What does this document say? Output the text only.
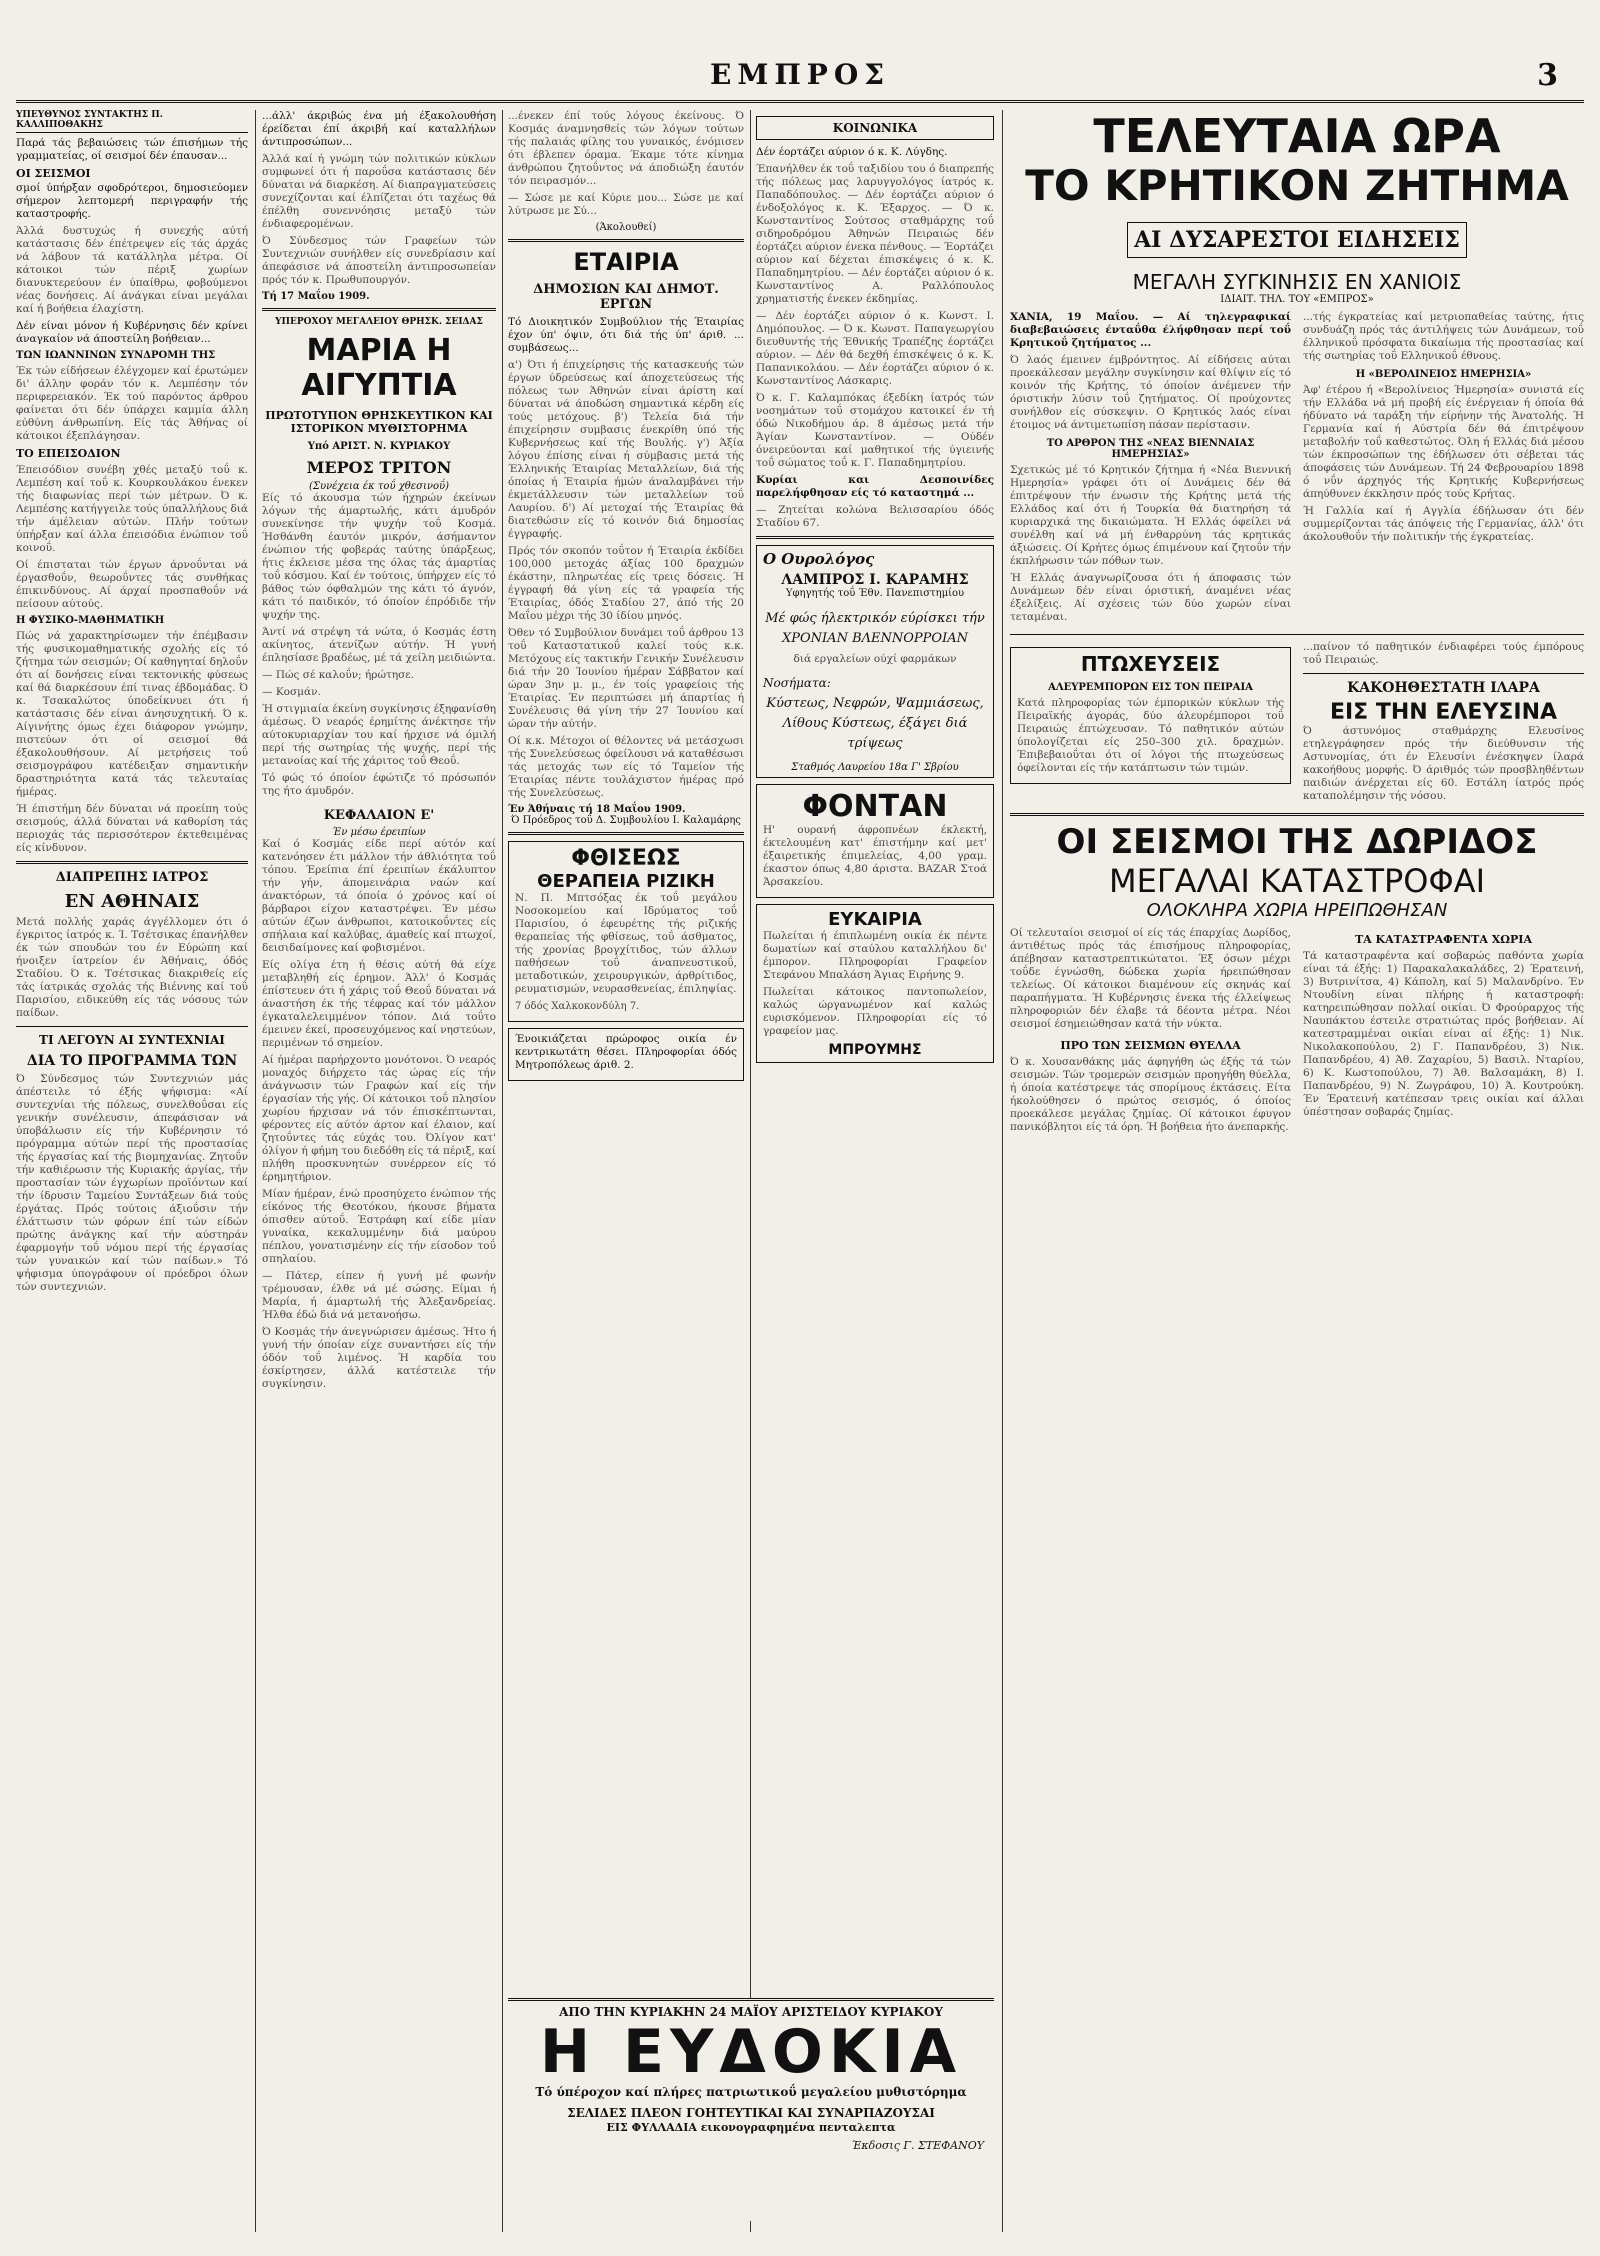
ΕΜΠΡΟΣ	3
ΥΠΕΥΘΥΝΟΣ ΣΥΝΤΑΚΤΗΣ Π. ΚΑΛΛΙΠΟΘΑΚΗΣ

Παρά τάς βεβαιώσεις τών έπισήμων τής γραμματείας, οί σεισμοί δέν έπαυσαν...

ΟΙ ΣΕΙΣΜΟΙ

σμοί ύπήρξαν σφοδρότεροι, δημοσιεύομεν σήμερον λεπτομερή περιγραφήν τής καταστροφής.

Άλλά δυστυχώς ή συνεχής αύτή κατάστασις δέν έπέτρεψεν είς τάς άρχάς νά λάβουν τά κατάλληλα μέτρα. Οί κάτοικοι τών πέριξ χωρίων διανυκτερεύουν έν ύπαίθρω, φοβούμενοι νέας δονήσεις. Αί άνάγκαι είναι μεγάλαι καί ή βοήθεια έλαχίστη.

Δέν είναι μόνον ή Κυβέρνησις δέν κρίνει άναγκαίον νά άποστείλη βοήθειαν...

ΤΩΝ ΙΩΑΝΝΙΝΩΝ ΣΥΝΔΡΟΜΗ ΤΗΣ

Έκ τών είδήσεων έλέγχομεν καί έρωτώμεν δι' άλλην φοράν τόν κ. Λεμπέσην τόν περιφερειακόν. Έκ τού παρόντος άρθρου φαίνεται ότι δέν ύπάρχει καμμία άλλη εύθύνη άνθρωπίνη. Είς τάς Άθήνας οί κάτοικοι έξεπλάγησαν.

ΤΟ ΕΠΕΙΣΟΔΙΟΝ

Έπεισόδιον συνέβη χθές μεταξύ τοΰ κ. Λεμπέση καί τοΰ κ. Κουρκουλάκου ένεκεν τής διαφωνίας περί τών μέτρων. Ό κ. Λεμπέσης κατήγγειλε τούς ύπαλλήλους διά τήν άμέλειαν αύτών. Πλήν τούτων ύπήρξαν καί άλλα έπεισόδια ένώπιον τοΰ κοινοΰ.

Οί έπισταται τών έργων άρνοΰνται νά έργασθοΰν, θεωροΰντες τάς συνθήκας έπικινδύνους. Αί άρχαί προσπαθοΰν νά πείσουν αύτούς.

Η ΦΥΣΙΚΟ-ΜΑΘΗΜΑΤΙΚΗ

Πώς νά χαρακτηρίσωμεν τήν έπέμβασιν τής φυσικομαθηματικής σχολής είς τό ζήτημα τών σεισμών; Οί καθηγηταί δηλοΰν ότι αί δονήσεις είναι τεκτονικής φύσεως καί θά διαρκέσουν έπί τινας έβδομάδας. Ό κ. Τσακαλώτος ύποδείκνυει ότι ή κατάστασις δέν είναι άνησυχητική. Ό κ. Αίγινήτης όμως έχει διάφορον γνώμην, πιστεύων ότι οί σεισμοί θά έξακολουθήσουν. Αί μετρήσεις τοΰ σεισμογράφου κατέδειξαν σημαντικήν δραστηριότητα κατά τάς τελευταίας ήμέρας.

Ή έπιστήμη δέν δύναται νά προείπη τούς σεισμούς, άλλά δύναται νά καθορίση τάς περιοχάς τάς περισσότερον έκτεθειμένας είς κίνδυνον.

ΔΙΑΠΡΕΠΗΣ ΙΑΤΡΟΣ
ΕΝ ΑΘΗΝΑΙΣ

Μετά πολλής χαράς άγγέλλομεν ότι ό έγκριτος ίατρός κ. Ί. Τσέτσικας έπανήλθεν έκ τών σπουδών του έν Εύρώπη καί ήνοιξεν ίατρείον έν Άθήναις, όδός Σταδίου. Ό κ. Τσέτσικας διακριθείς είς τάς ίατρικάς σχολάς τής Βιέννης καί τοΰ Παρισίου, ειδικεύθη είς τάς νόσους τών παίδων.

ΤΙ ΛΕΓΟΥΝ ΑΙ ΣΥΝΤΕΧΝΙΑΙ
ΔΙΑ ΤΟ ΠΡΟΓΡΑΜΜΑ ΤΩΝ

Ό Σύνδεσμος τών Συντεχνιών μάς άπέστειλε τό έξής ψήφισμα: «Αί συντεχνίαι τής πόλεως, συνελθοΰσαι είς γενικήν συνέλευσιν, άπεφάσισαν νά ύποβάλωσιν είς τήν Κυβέρνησιν τό πρόγραμμα αύτών περί τής προστασίας τής έργασίας καί τής βιομηχανίας. Ζητοΰν τήν καθιέρωσιν τής Κυριακής άργίας, τήν προστασίαν τών έγχωρίων προϊόντων καί τήν ίδρυσιν Ταμείου Συντάξεων διά τούς έργάτας. Πρός τούτοις άξιοΰσιν τήν έλάττωσιν τών φόρων έπί τών είδών πρώτης άνάγκης καί τήν αύστηράν έφαρμογήν τοΰ νόμου περί τής έργασίας τών γυναικών καί τών παίδων.» Τό ψήφισμα ύπογράφουν οί πρόεδροι όλων τών συντεχνιών.

...άλλ' άκριβώς ένα μή έξακολουθήση έρείδεται έπί άκριβή καί καταλλήλων άντιπροσώπων...

Άλλά καί ή γνώμη τών πολιτικών κύκλων συμφωνεί ότι ή παροΰσα κατάστασις δέν δύναται νά διαρκέση. Αί διαπραγματεύσεις συνεχίζονται καί έλπίζεται ότι ταχέως θά έπέλθη συνεννόησις μεταξύ τών ένδιαφερομένων.

Ό Σύνδεσμος τών Γραφείων τών Συντεχνιών συνήλθεν είς συνεδρίασιν καί άπεφάσισε νά άποστείλη άντιπροσωπείαν πρός τόν κ. Πρωθυπουργόν.

Τή 17 Μαΐου 1909.
ΥΠΕΡΟΧΟΥ ΜΕΓΑΛΕΙΟΥ ΘΡΗΣΚ. ΣΕΙΔΑΣ
ΜΑΡΙΑ Η ΑΙΓΥΠΤΙΑ
ΠΡΩΤΟΤΥΠΟΝ ΘΡΗΣΚΕΥΤΙΚΟΝ ΚΑΙ ΙΣΤΟΡΙΚΟΝ ΜΥΘΙΣΤΟΡΗΜΑ
Υπό ΑΡΙΣΤ. Ν. ΚΥΡΙΑΚΟΥ
ΜΕΡΟΣ ΤΡΙΤΟΝ
(Συνέχεια έκ τοΰ χθεσινοΰ)

Είς τό άκουσμα τών ήχηρών έκείνων λόγων τής άμαρτωλής, κάτι άμυδρόν συνεκίνησε τήν ψυχήν τοΰ Κοσμά. Ήσθάνθη έαυτόν μικρόν, άσήμαντον ένώπιον τής φοβεράς ταύτης ύπάρξεως, ήτις έκλεισε μέσα της όλας τάς άμαρτίας τοΰ κόσμου. Καί έν τούτοις, ύπήρχεν είς τό βάθος τών όφθαλμών της κάτι τό άγνόν, κάτι τό παιδικόν, τό όποίον έπρόδιδε τήν ψυχήν της.

Άντί νά στρέψη τά νώτα, ό Κοσμάς έστη ακίνητος, άτενίζων αύτήν. Ή γυνή έπλησίασε βραδέως, μέ τά χείλη μειδιώντα.

— Πώς σέ καλοΰν; ήρώτησε.

— Κοσμάν.

Ή στιγμιαία έκείνη συγκίνησις έξηφανίσθη άμέσως. Ό νεαρός έρημίτης άνέκτησε τήν αύτοκυριαρχίαν του καί ήρχισε νά όμιλή περί τής σωτηρίας τής ψυχής, περί τής μετανοίας καί τής χάριτος τοΰ Θεοΰ.

Τό φώς τό όποίον έφώτιζε τό πρόσωπόν της ήτο άμυδρόν.

ΚΕΦΑΛΑΙΟΝ Ε'
Έν μέσω έρειπίων

Καί ό Κοσμάς είδε περί αύτόν καί κατενόησεν έτι μάλλον τήν άθλιότητα τοΰ τόπου. Έρείπια έπί έρειπίων έκάλυπτον τήν γήν, άπομεινάρια ναών καί άνακτόρων, τά όποία ό χρόνος καί οί βάρβαροι είχον καταστρέψει. Έν μέσω αύτών έζων άνθρωποι, κατοικοΰντες είς σπήλαια καί καλύβας, άμαθείς καί πτωχοί, δεισιδαίμονες καί φοβισμένοι.

Είς ολίγα έτη ή θέσις αύτή θά είχε μεταβληθή είς έρημον. Άλλ' ό Κοσμάς έπίστευεν ότι ή χάρις τοΰ Θεοΰ δύναται νά άναστήση έκ τής τέφρας καί τόν μάλλον έγκαταλελειμμένον τόπον. Διά τοΰτο έμεινεν έκεί, προσευχόμενος καί νηστεύων, περιμένων τό σημείον.

Αί ήμέραι παρήρχοντο μονότονοι. Ό νεαρός μοναχός διήρχετο τάς ώρας είς τήν άνάγνωσιν τών Γραφών καί είς τήν έργασίαν τής γής. Οί κάτοικοι τοΰ πλησίον χωρίου ήρχισαν νά τόν έπισκέπτωνται, φέροντες είς αύτόν άρτον καί έλαιον, καί ζητοΰντες τάς εύχάς του. Όλίγον κατ' όλίγον ή φήμη του διεδόθη είς τά πέριξ, καί πλήθη προσκυνητών συνέρρεον είς τό έρημητήριον.

Μίαν ήμέραν, ένώ προσηύχετο ένώπιον τής είκόνος τής Θεοτόκου, ήκουσε βήματα όπισθεν αύτοΰ. Έστράφη καί είδε μίαν γυναίκα, κεκαλυμμένην διά μαύρου πέπλου, γονατισμένην είς τήν είσοδον τοΰ σπηλαίου.

— Πάτερ, είπεν ή γυνή μέ φωνήν τρέμουσαν, έλθε νά μέ σώσης. Είμαι ή Μαρία, ή άμαρτωλή τής Άλεξανδρείας. Ήλθα έδώ διά νά μετανοήσω.

Ό Κοσμάς τήν άνεγνώρισεν άμέσως. Ήτο ή γυνή τήν όποίαν είχε συναντήσει είς τήν όδόν τοΰ λιμένος. Ή καρδία του έσκίρτησεν, άλλά κατέστειλε τήν συγκίνησιν.

...ένεκεν έπί τούς λόγους έκείνους. Ό Κοσμάς άναμνησθείς τών λόγων τούτων τής παλαιάς φίλης του γυναικός, ένόμισεν ότι έβλεπεν όραμα. Έκαμε τότε κίνημα άνθρώπου ζητοΰντος νά άποδιώξη έαυτόν τόν πειρασμόν...

— Σώσε με καί Κύριε μου... Σώσε με καί λύτρωσε με Σύ...

(Άκολουθεί)
ΕΤΑΙΡΙΑ
ΔΗΜΟΣΙΩΝ ΚΑΙ ΔΗΜΟΤ. ΕΡΓΩΝ

Τό Διοικητικόν Συμβούλιον τής Έταιρίας έχον ύπ' όψιν, ότι διά τής ύπ' άριθ. ... συμβάσεως...

α') Ότι ή έπιχείρησις τής κατασκευής τών έργων ύδρεύσεως καί άποχετεύσεως τής πόλεως των Άθηνών είναι άρίστη καί δύναται νά άποδώση σημαντικά κέρδη είς τούς μετόχους. β') Τελεία διά τήν έπιχείρησιν συμβασις ένεκρίθη ύπό τής Κυβερνήσεως καί τής Βουλής. γ') Άξία λόγου έπίσης είναι ή σύμβασις μετά τής Έλληνικής Έταιρίας Μεταλλείων, διά τής όποίας ή Έταιρία ήμών άναλαμβάνει τήν έκμετάλλευσιν τών μεταλλείων τοΰ Λαυρίου. δ') Αί μετοχαί τής Έταιρίας θά διατεθώσιν είς τό κοινόν διά δημοσίας έγγραφής.

Πρός τόν σκοπόν τοΰτον ή Έταιρία έκδίδει 100,000 μετοχάς άξίας 100 δραχμών έκάστην, πληρωτέας είς τρεις δόσεις. Ή έγγραφή θά γίνη είς τά γραφεία τής Έταιρίας, όδός Σταδίου 27, άπό τής 20 Μαΐου μέχρι τής 30 ίδίου μηνός.

Όθεν τό Συμβούλιον δυνάμει τοΰ άρθρου 13 τοΰ Καταστατικοΰ καλεί τούς κ.κ. Μετόχους είς τακτικήν Γενικήν Συνέλευσιν διά τήν 20 Ίουνίου ήμέραν Σάββατον καί ώραν 3ην μ. μ., έν τοίς γραφείοις τής Έταιρίας. Έν περιπτώσει μή άπαρτίας ή Συνέλευσις θά γίνη τήν 27 Ίουνίου καί ώραν τήν αύτήν.

Οί κ.κ. Μέτοχοι οί θέλοντες νά μετάσχωσι τής Συνελεύσεως όφείλουσι νά καταθέσωσι τάς μετοχάς των είς τό Ταμείον τής Έταιρίας πέντε τουλάχιστον ήμέρας πρό τής Συνελεύσεως.

Έν Άθήναις τή 18 Μαΐου 1909.
Ό Πρόεδρος τοΰ Δ. Συμβουλίου Ι. Καλαμάρης
ΦΘΙΣΕΩΣ
ΘΕΡΑΠΕΙΑ ΡΙΖΙΚΗ

Ν. Π. Μπτσόξας έκ τοΰ μεγάλου Νοσοκομείου καί Ιδρύματος τοΰ Παρισίου, ό έφευρέτης τής ριζικής θεραπείας τής φθίσεως, τοΰ άσθματος, τής χρονίας βρογχίτιδος, τών άλλων παθήσεων τοΰ άναπνευστικοΰ, μεταδοτικών, χειρουργικών, άρθρίτιδος, ρευματισμών, νευρασθενείας, έπιληψίας.

7 όδός Χαλκοκονδύλη 7.

Ένοικιάζεται πρώροφος οικία έν κεντρικωτάτη θέσει. Πληροφορίαι όδός Μητροπόλεως άριθ. 2.

ΚΟΙΝΩΝΙΚΑ

Δέν έορτάζει αύριον ό κ. Κ. Λύγδης.

Έπανήλθεν έκ τοΰ ταξιδίου του ό διαπρεπής τής πόλεως μας λαρυγγολόγος ίατρός κ. Παπαδόπουλος. — Δέν έορτάζει αύριον ό ένδοξολόγος κ. Κ. Έξαρχος. — Ό κ. Κωνσταντίνος Σούτσος σταθμάρχης τοΰ σιδηροδρόμου Άθηνών Πειραιώς δέν έορτάζει αύριον ένεκα πένθους. — Έορτάζει αύριον καί δέχεται έπισκέψεις ό κ. Κ. Παπαδημητρίου. — Δέν έορτάζει αύριον ό κ. Κωνσταντίνος Α. Ραλλόπουλος χρηματιστής ένεκεν έκδημίας.

— Δέν έορτάζει αύριον ό κ. Κωνστ. Ι. Δημόπουλος. — Ό κ. Κωνστ. Παπαγεωργίου διευθυντής τής Έθνικής Τραπέζης έορτάζει αύριον. — Δέν θά δεχθή έπισκέψεις ό κ. Κ. Παπανικολάου. — Δέν έορτάζει αύριον ό κ. Κωνσταντίνος Λάσκαρις.

Ό κ. Γ. Καλαμπόκας έξεδίκη ίατρός τών νοσημάτων τοΰ στομάχου κατοικεί έν τή όδώ Νικοδήμου άρ. 8 άμέσως μετά τήν Άγίαν Κωνσταντίνον. — Ούδέν όνειρεύονται καί μαθητικοί τής ύγιεινής τοΰ σώματος τοΰ κ. Γ. Παπαδημητρίου.

Κυρίαι και Δεσποινίδες παρελήφθησαν είς τό καταστημά ...

— Ζητείται κολώνα Βελισσαρίου όδός Σταδίου 67.

Ο Ουρολόγος
ΛΑΜΠΡΟΣ Ι. ΚΑΡΑΜΗΣ
Υφηγητής τοΰ Έθν. Πανεπιστημίου

Μέ φώς ήλεκτρικόν εύρίσκει τήν ΧΡΟΝΙΑΝ ΒΛΕΝΝΟΡΡΟΙΑΝ

διά εργαλείων ούχί φαρμάκων

Νοσήματα:

Κύστεως, Νεφρών, Ψαμμιάσεως, Λίθους Κύστεως, έξάγει διά τρίψεως

Σταθμός Λαυρείου 18α Γ' Σβρίου
ΦΟΝΤΑΝ

Η' ουρανή άφροπνέων έκλεκτή, έκτελουμένη κατ' έπιστήμην καί μετ' έξαιρετικής έπιμελείας, 4,00 γραμ. έκαστον όπως 4,80 άριστα. BAZAR Στοά Άρσακείου.

ΕΥΚΑΙΡΙΑ

Πωλείται ή έπιπλωμένη οικία έκ πέντε δωματίων καί σταύλου καταλλήλου δι' έμπορον. Πληροφορίαι Γραφείον Στεφάνου Μπαλάση Άγιας Ειρήνης 9.

Πωλείται κάτοικος παντοπωλείον, καλώς ώργανωμένον καί καλώς ευρισκόμενον. Πληροφορίαι είς τό γραφείον μας.

ΜΠΡΟΥΜΗΣ
ΤΕΛΕΥΤΑΙΑ ΩΡΑ
ΤΟ ΚΡΗΤΙΚΟΝ ΖΗΤΗΜΑ
ΑΙ ΔΥΣΑΡΕΣΤΟΙ ΕΙΔΗΣΕΙΣ
ΜΕΓΑΛΗ ΣΥΓΚΙΝΗΣΙΣ ΕΝ ΧΑΝΙΟΙΣ
ΙΔΙΑΙΤ. ΤΗΛ. ΤΟΥ «ΕΜΠΡΟΣ»

ΧΑΝΙΑ, 19 Μαΐου. — Αί τηλεγραφικαί διαβεβαιώσεις ένταΰθα έλήφθησαν περί τοΰ Κρητικοΰ ζητήματος ...

Ό λαός έμεινεν έμβρόντητος. Αί είδήσεις αύται προεκάλεσαν μεγάλην συγκίνησιν καί θλίψιν είς τό κοινόν τής Κρήτης, τό όποίον άνέμενεν τήν όριστικήν λύσιν τοΰ ζητήματος. Οί προύχοντες συνήλθον είς σύσκεψιν. Ο Κρητικός λαός είναι έτοιμος νά άντιμετωπίση πάσαν περίστασιν.

ΤΟ ΑΡΘΡΟΝ ΤΗΣ «ΝΕΑΣ ΒΙΕΝΝΑΙΑΣ ΗΜΕΡΗΣΙΑΣ»

Σχετικώς μέ τό Κρητικόν ζήτημα ή «Νέα Βιεννική Ημερησία» γράφει ότι οί Δυνάμεις δέν θά έπιτρέψουν τήν ένωσιν τής Κρήτης μετά τής Ελλάδος καί ότι ή Τουρκία θά διατηρήση τά κυριαρχικά της δικαιώματα. Ή Ελλάς όφείλει νά συνέλθη καί νά μή ένθαρρύνη τάς κρητικάς άξιώσεις. Οί Κρήτες όμως έπιμένουν καί ζητοΰν τήν έκπλήρωσιν τών πόθων των.

Ή Ελλάς άναγνωρίζουσα ότι ή άποφασις τών Δυνάμεων δέν είναι όριστική, άναμένει νέας έξελίξεις. Αί σχέσεις τών δύο χωρών είναι τεταμέναι.

...τής έγκρατείας καί μετριοπαθείας ταύτης, ήτις συνδυάζη πρός τάς άντιλήψεις τών Δυνάμεων, τοΰ έλληνικοΰ πρόσφατα δικαίωμα τής προστασίας καί τής σωτηρίας τοΰ Ελληνικοΰ έθνους.

Η «ΒΕΡΟΛΙΝΕΙΟΣ ΗΜΕΡΗΣΙΑ»

Άφ' έτέρου ή «Βερολίνειος Ήμερησία» συνιστά είς τήν Ελλάδα νά μή προβή είς ένέργειαν ή όποία θά ήδύνατο νά ταράξη τήν είρήνην τής Άνατολής. Ή Γερμανία καί ή Αύστρία δέν θά έπιτρέψουν μεταβολήν τοΰ καθεστώτος. Όλη ή Ελλάς διά μέσου τών έκπροσώπων της έδήλωσεν ότι σέβεται τάς άποφάσεις τών Δυνάμεων. Τή 24 Φεβρουαρίου 1898 ό νΰν άρχηγός τής Κρητικής Κυβερνήσεως άπηύθυνεν έκκλησιν πρός τούς Κρήτας.

Ή Γαλλία καί ή Αγγλία έδήλωσαν ότι δέν συμμερίζονται τάς άπόψεις τής Γερμανίας, άλλ' ότι άκολουθοΰν τήν πολιτικήν τής έγκρατείας.

ΠΤΩΧΕΥΣΕΙΣ
ΑΛΕΥΡΕΜΠΟΡΩΝ ΕΙΣ ΤΟΝ ΠΕΙΡΑΙΑ

Κατά πληροφορίας τών έμπορικών κύκλων τής Πειραϊκής άγοράς, δύο άλευρέμποροι τοΰ Πειραιώς έπτώχευσαν. Τό παθητικόν αύτών ύπολογίζεται είς 250–300 χιλ. δραχμών. Έπιβεβαιοΰται ότι οί λόγοι τής πτωχεύσεως όφείλονται είς τήν κατάπτωσιν τών τιμών.

...παίνον τό παθητικόν ένδιαφέρει τούς έμπόρους τοΰ Πειραιώς.

ΚΑΚΟΗΘΕΣΤΑΤΗ ΙΛΑΡΑ
ΕΙΣ ΤΗΝ ΕΛΕΥΣΙΝΑ

Ό άστυνόμος σταθμάρχης Ελευσίνος ετηλεγράφησεν πρός τήν διεύθυνσιν τής Αστυνομίας, ότι έν Ελευσίνι ένέσκηψεν ίλαρά κακοήθους μορφής. Ό άριθμός τών προσβληθέντων παιδιών άνέρχεται είς 60. Εστάλη ίατρός πρός καταπολέμησιν τής νόσου.

ΟΙ ΣΕΙΣΜΟΙ ΤΗΣ ΔΩΡΙΔΟΣ
ΜΕΓΑΛΑΙ ΚΑΤΑΣΤΡΟΦΑΙ
ΟΛΟΚΛΗΡΑ ΧΩΡΙΑ ΗΡΕΙΠΩΘΗΣΑΝ

Οί τελευταίοι σεισμοί οί είς τάς έπαρχίας Δωρίδος, άντιθέτως πρός τάς έπισήμους πληροφορίας, άπέβησαν καταστρεπτικώτατοι. Έξ όσων μέχρι τοΰδε έγνώσθη, δώδεκα χωρία ήρειπώθησαν τελείως. Οί κάτοικοι διαμένουν είς σκηνάς καί παραπήγματα. Ή Κυβέρνησις ένεκα τής έλλείψεως πληροφοριών δέν έλαβε τά δέοντα μέτρα. Νέοι σεισμοί έσημειώθησαν κατά τήν νύκτα.

ΠΡΟ ΤΩΝ ΣΕΙΣΜΩΝ ΘΥΕΛΛΑ

Ό κ. Χουσανθάκης μάς άφηγήθη ώς έξής τά τών σεισμών. Τών τρομερών σεισμών προηγήθη θύελλα, ή όποία κατέστρεψε τάς σπορίμους έκτάσεις. Είτα ήκολούθησεν ό πρώτος σεισμός, ό όποίος προεκάλεσε μεγάλας ζημίας. Οί κάτοικοι έφυγον πανικόβλητοι είς τά όρη. Ή βοήθεια ήτο άνεπαρκής.

ΤΑ ΚΑΤΑΣΤΡΑΦΕΝΤΑ ΧΩΡΙΑ

Τά καταστραφέντα καί σοβαρώς παθόντα χωρία είναι τά έξής: 1) Παρακαλακαλάδες, 2) Έρατεινή, 3) Βυτρινίτσα, 4) Κάπολη, καί 5) Μαλανδρίνο. Έν Ντουδίνη είναι πλήρης ή καταστροφή: κατηρειπώθησαν πολλαί οικίαι. Ό Φρούραρχος τής Ναυπάκτου έστειλε στρατιώτας πρός βοήθειαν. Αί κατεστραμμέναι οικίαι είναι αί έξής: 1) Νικ. Νικολακοπούλου, 2) Γ. Παπανδρέου, 3) Νικ. Παπανδρέου, 4) Άθ. Ζαχαρίου, 5) Βασιλ. Νταρίου, 6) Κ. Κωστοπούλου, 7) Άθ. Βαλσαμάκη, 8) Ι. Παπανδρέου, 9) Ν. Ζωγράφου, 10) Ά. Κουτρούκη. Έν Έρατεινή κατέπεσαν τρεις οικίαι καί άλλαι ύπέστησαν σοβαράς ζημίας.

ΑΠΟ ΤΗΝ ΚΥΡΙΑΚΗΝ 24 ΜΑΪΟΥ ΑΡΙΣΤΕΙΔΟΥ ΚΥΡΙΑΚΟΥ
Η ΕΥΔΟΚΙΑ
Τό ύπέροχον καί πλήρες πατριωτικοΰ μεγαλείου μυθιστόρημα
ΣΕΛΙΔΕΣ ΠΛΕΟΝ ΓΟΗΤΕΥΤΙΚΑΙ ΚΑΙ ΣΥΝΑΡΠΑΖΟΥΣΑΙ
ΕΙΣ ΦΥΛΛΑΔΙΑ εικονογραφημένα πενταλεπτα
Έκδοσις Γ. ΣΤΕΦΑΝΟΥ
